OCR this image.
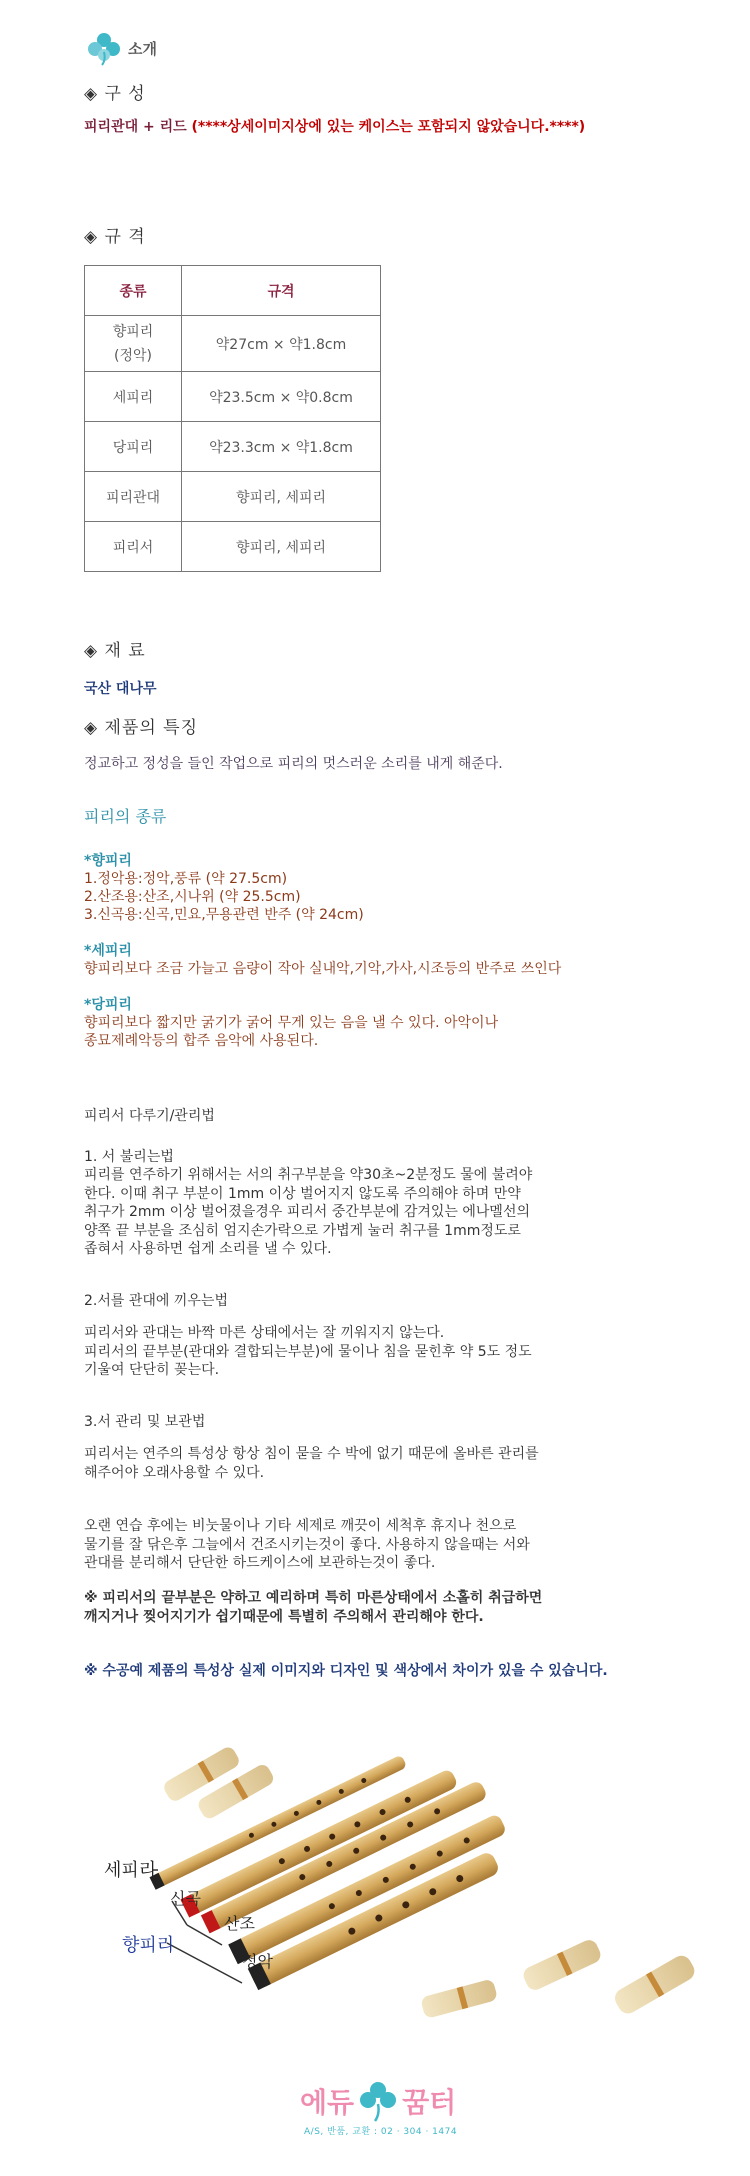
소개
◈ 구 성
피리관대 + 리드 (****상세이미지상에 있는 케이스는 포함되지 않았습니다.****)
◈ 규 격
종류	규격

향피리
(정악)	약27cm × 약1.8cm
세피리	약23.5cm × 약0.8cm
당피리	약23.3cm × 약1.8cm
피리관대	향피리, 세피리
피리서	향피리, 세피리
◈ 재 료
국산 대나무
◈ 제품의 특징
정교하고 정성을 들인 작업으로 피리의 멋스러운 소리를 내게 해준다.
피리의 종류
*향피리
1.정악용:정악,풍류 (약 27.5cm)
2.산조용:산조,시나위 (약 25.5cm)
3.신곡용:신곡,민요,무용관련 반주 (약 24cm)
*세피리
향피리보다 조금 가늘고 음량이 작아 실내악,기악,가사,시조등의 반주로 쓰인다
*당피리
향피리보다 짧지만 굵기가 굵어 무게 있는 음을 낼 수 있다. 아악이나
종묘제례악등의 합주 음악에 사용된다.
피리서 다루기/관리법
1. 서 불리는법
피리를 연주하기 위해서는 서의 취구부분을 약30초~2분정도 물에 불려야
한다. 이때 취구 부분이 1mm 이상 벌어지지 않도록 주의해야 하며 만약
취구가 2mm 이상 벌어졌을경우 피리서 중간부분에 감겨있는 에나멜선의
양쪽 끝 부분을 조심히 엄지손가락으로 가볍게 눌러 취구를 1mm정도로
좁혀서 사용하면 쉽게 소리를 낼 수 있다.
2.서를 관대에 끼우는법
피리서와 관대는 바짝 마른 상태에서는 잘 끼워지지 않는다.
피리서의 끝부분(관대와 결합되는부분)에 물이나 침을 묻힌후 약 5도 정도
기울여 단단히 꽂는다.
3.서 관리 및 보관법
피리서는 연주의 특성상 항상 침이 묻을 수 박에 없기 때문에 올바른 관리를
해주어야 오래사용할 수 있다.
오랜 연습 후에는 비눗물이나 기타 세제로 깨끗이 세척후 휴지나 천으로
물기를 잘 닦은후 그늘에서 건조시키는것이 좋다. 사용하지 않을때는 서와
관대를 분리해서 단단한 하드케이스에 보관하는것이 좋다.
※ 피리서의 끝부분은 약하고 예리하며 특히 마른상태에서 소홀히 취급하면
깨지거나 찢어지기가 쉽기때문에 특별히 주의해서 관리해야 한다.
※ 수공예 제품의 특성상 실제 이미지와 디자인 및 색상에서 차이가 있을 수 있습니다.
세피리
신곡
산조
향피리
정악
에듀 꿈터
A/S, 반품, 교환 : 02 · 304 · 1474
